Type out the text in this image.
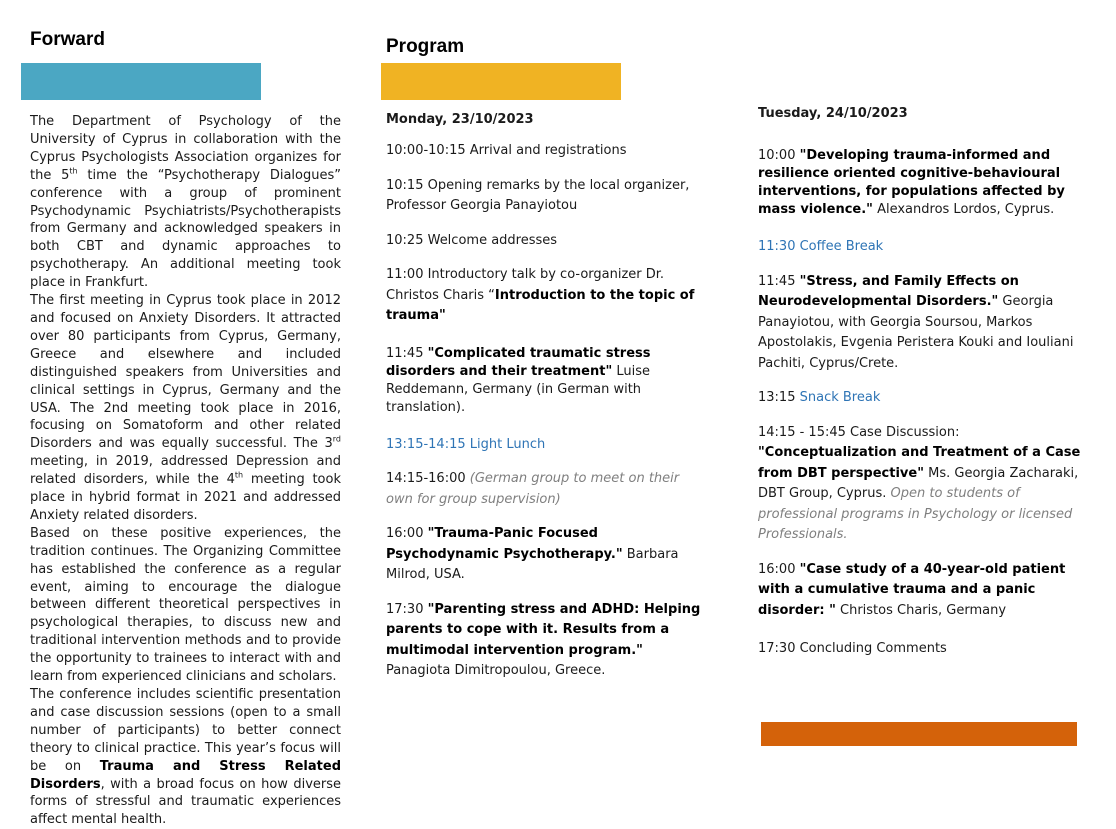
Forward

The Department of Psychology of the University of Cyprus in collaboration with the Cyprus Psychologists Association organizes for the 5th time the “Psychotherapy Dialogues” conference with a group of prominent Psychodynamic Psychiatrists/Psychotherapists from Germany and acknowledged speakers in both CBT and dynamic approaches to psychotherapy. An additional meeting took place in Frankfurt.

The first meeting in Cyprus took place in 2012 and focused on Anxiety Disorders. It attracted over 80 participants from Cyprus, Germany, Greece and elsewhere and included distinguished speakers from Universities and clinical settings in Cyprus, Germany and the USA. The 2nd meeting took place in 2016, focusing on Somatoform and other related Disorders and was equally successful. The 3rd meeting, in 2019, addressed Depression and related disorders, while the 4th meeting took place in hybrid format in 2021 and addressed Anxiety related disorders.

Based on these positive experiences, the tradition continues. The Organizing Committee has established the conference as a regular event, aiming to encourage the dialogue between different theoretical perspectives in psychological therapies, to discuss new and traditional intervention methods and to provide the opportunity to trainees to interact with and learn from experienced clinicians and scholars.

The conference includes scientific presentation and case discussion sessions (open to a small number of participants) to better connect theory to clinical practice. This year’s focus will be on Trauma and Stress Related Disorders, with a broad focus on how diverse forms of stressful and traumatic experiences affect mental health.

Program

Monday, 23/10/2023

10:00-10:15 Arrival and registrations

10:15 Opening remarks by the local organizer, Professor Georgia Panayiotou

10:25 Welcome addresses

11:00 Introductory talk by co-organizer Dr. Christos Charis “Introduction to the topic of trauma"

11:45 "Complicated traumatic stress disorders and their treatment" Luise Reddemann, Germany (in German with translation).

13:15-14:15 Light Lunch

14:15-16:00 (German group to meet on their own for group supervision)

16:00 "Trauma-Panic Focused Psychodynamic Psychotherapy." Barbara Milrod, USA.

17:30 "Parenting stress and ADHD: Helping parents to cope with it. Results from a multimodal intervention program." Panagiota Dimitropoulou, Greece.

Tuesday, 24/10/2023

10:00 "Developing trauma-informed and resilience oriented cognitive-behavioural interventions, for populations affected by mass violence." Alexandros Lordos, Cyprus.

11:30 Coffee Break

11:45 "Stress, and Family Effects on Neurodevelopmental Disorders." Georgia Panayiotou, with Georgia Soursou, Markos Apostolakis, Evgenia Peristera Kouki and Iouliani Pachiti, Cyprus/Crete.

13:15 Snack Break

14:15 - 15:45 Case Discussion: "Conceptualization and Treatment of a Case from DBT perspective" Ms. Georgia Zacharaki, DBT Group, Cyprus. Open to students of professional programs in Psychology or licensed Professionals.

16:00 "Case study of a 40-year-old patient with a cumulative trauma and a panic disorder: " Christos Charis, Germany

17:30 Concluding Comments
